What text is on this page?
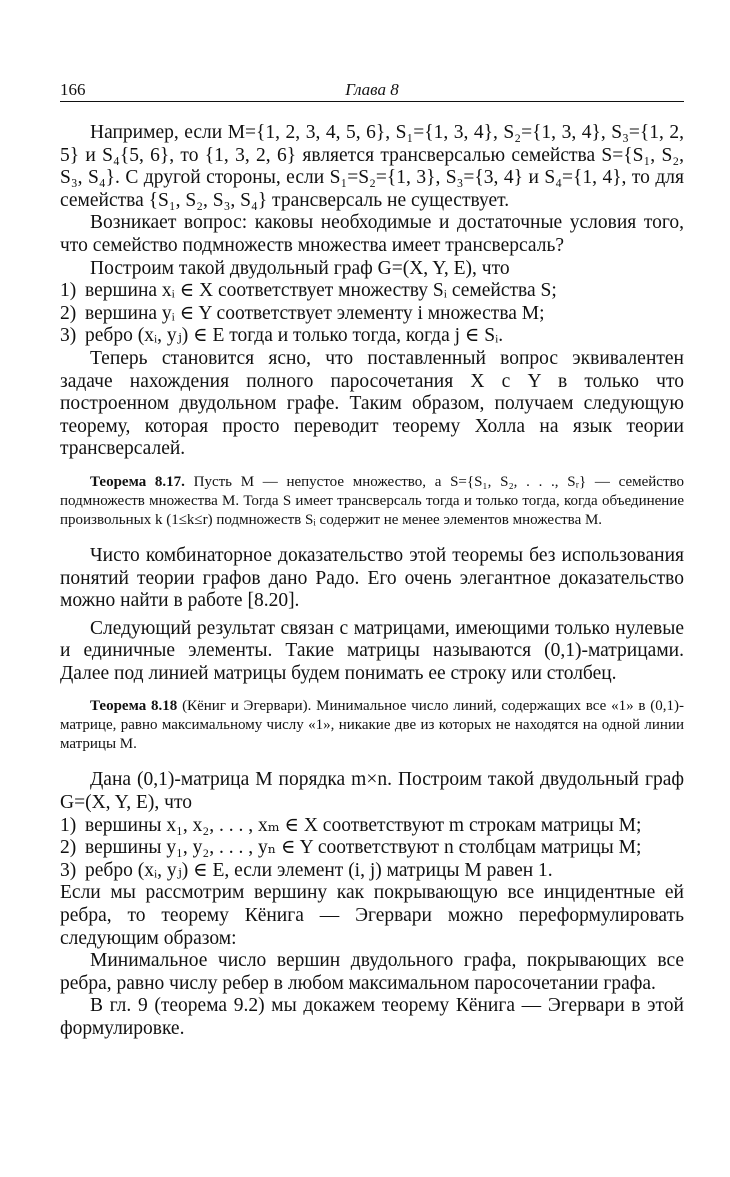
166	Глава 8

Например, если M={1, 2, 3, 4, 5, 6}, S₁={1, 3, 4}, S₂={1, 3, 4}, S₃={1, 2, 5} и S₄{5, 6}, то {1, 3, 2, 6} является трансверсалью семейства S={S₁, S₂, S₃, S₄}. С другой стороны, если S₁=S₂={1, 3}, S₃={3, 4} и S₄={1, 4}, то для семейства {S₁, S₂, S₃, S₄} трансверсаль не существует.

Возникает вопрос: каковы необходимые и достаточные условия того, что семейство подмножеств множества имеет трансверсаль?

Построим такой двудольный граф G=(X, Y, E), что

1) вершина xᵢ ∈ X соответствует множеству Sᵢ семейства S;

2) вершина yᵢ ∈ Y соответствует элементу i множества M;

3) ребро (xᵢ, yⱼ) ∈ E тогда и только тогда, когда j ∈ Sᵢ.

Теперь становится ясно, что поставленный вопрос эквивалентен задаче нахождения полного паросочетания X с Y в только что построенном двудольном графе. Таким образом, получаем следующую теорему, которая просто переводит теорему Холла на язык теории трансверсалей.

Теорема 8.17. Пусть M — непустое множество, а S={S₁, S₂, . . ., Sᵣ} — семейство подмножеств множества M. Тогда S имеет трансверсаль тогда и только тогда, когда объединение произвольных k (1≤k≤r) подмножеств Sᵢ содержит не менее элементов множества M.

Чисто комбинаторное доказательство этой теоремы без использования понятий теории графов дано Радо. Его очень элегантное доказательство можно найти в работе [8.20].

Следующий результат связан с матрицами, имеющими только нулевые и единичные элементы. Такие матрицы называются (0,1)-матрицами. Далее под линией матрицы будем понимать ее строку или столбец.

Теорема 8.18 (Кёниг и Эгервари). Минимальное число линий, содержащих все «1» в (0,1)-матрице, равно максимальному числу «1», никакие две из которых не находятся на одной линии матрицы M.

Дана (0,1)-матрица M порядка m×n. Построим такой двудольный граф G=(X, Y, E), что

1) вершины x₁, x₂, . . . , xₘ ∈ X соответствуют m строкам матрицы M;

2) вершины y₁, y₂, . . . , yₙ ∈ Y соответствуют n столбцам матрицы M;

3) ребро (xᵢ, yⱼ) ∈ E, если элемент (i, j) матрицы M равен 1.

Если мы рассмотрим вершину как покрывающую все инцидентные ей ребра, то теорему Кёнига — Эгервари можно переформулировать следующим образом:

Минимальное число вершин двудольного графа, покрывающих все ребра, равно числу ребер в любом максимальном паросочетании графа.

В гл. 9 (теорема 9.2) мы докажем теорему Кёнига — Эгервари в этой формулировке.
